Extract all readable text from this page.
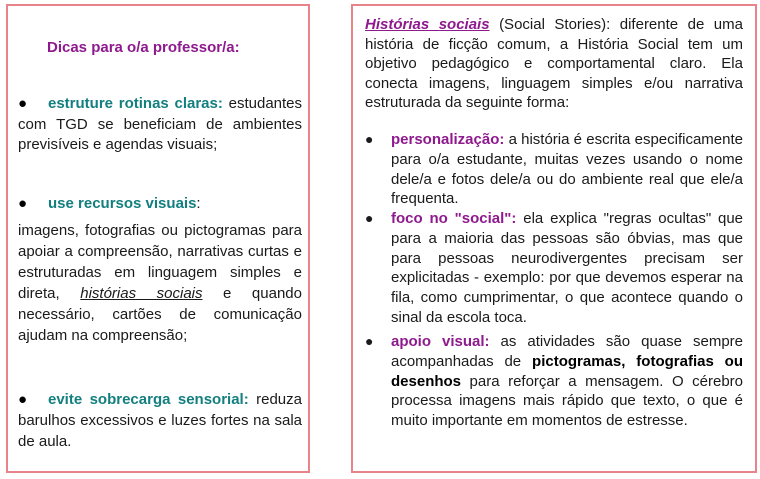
Dicas para o/a professor/a:
● estruture rotinas claras: estudantes com TGD se beneficiam de ambientes previsíveis e agendas visuais;
● use recursos visuais:
imagens, fotografias ou pictogramas para apoiar a compreensão, narrativas curtas e estruturadas em linguagem simples e direta, histórias sociais e quando necessário, cartões de comunicação ajudam na compreensão;
● evite sobrecarga sensorial: reduza barulhos excessivos e luzes fortes na sala de aula.
Histórias sociais (Social Stories): diferente de uma história de ficção comum, a História Social tem um objetivo pedagógico e comportamental claro. Ela conecta imagens, linguagem simples e/ou narrativa estruturada da seguinte forma:
● personalização: a história é escrita especificamente para o/a estudante, muitas vezes usando o nome dele/a e fotos dele/a ou do ambiente real que ele/a frequenta.
● foco no "social": ela explica "regras ocultas" que para a maioria das pessoas são óbvias, mas que para pessoas neurodivergentes precisam ser explicitadas - exemplo: por que devemos esperar na fila, como cumprimentar, o que acontece quando o sinal da escola toca.
● apoio visual: as atividades são quase sempre acompanhadas de pictogramas, fotografias ou desenhos para reforçar a mensagem. O cérebro processa imagens mais rápido que texto, o que é muito importante em momentos de estresse.
